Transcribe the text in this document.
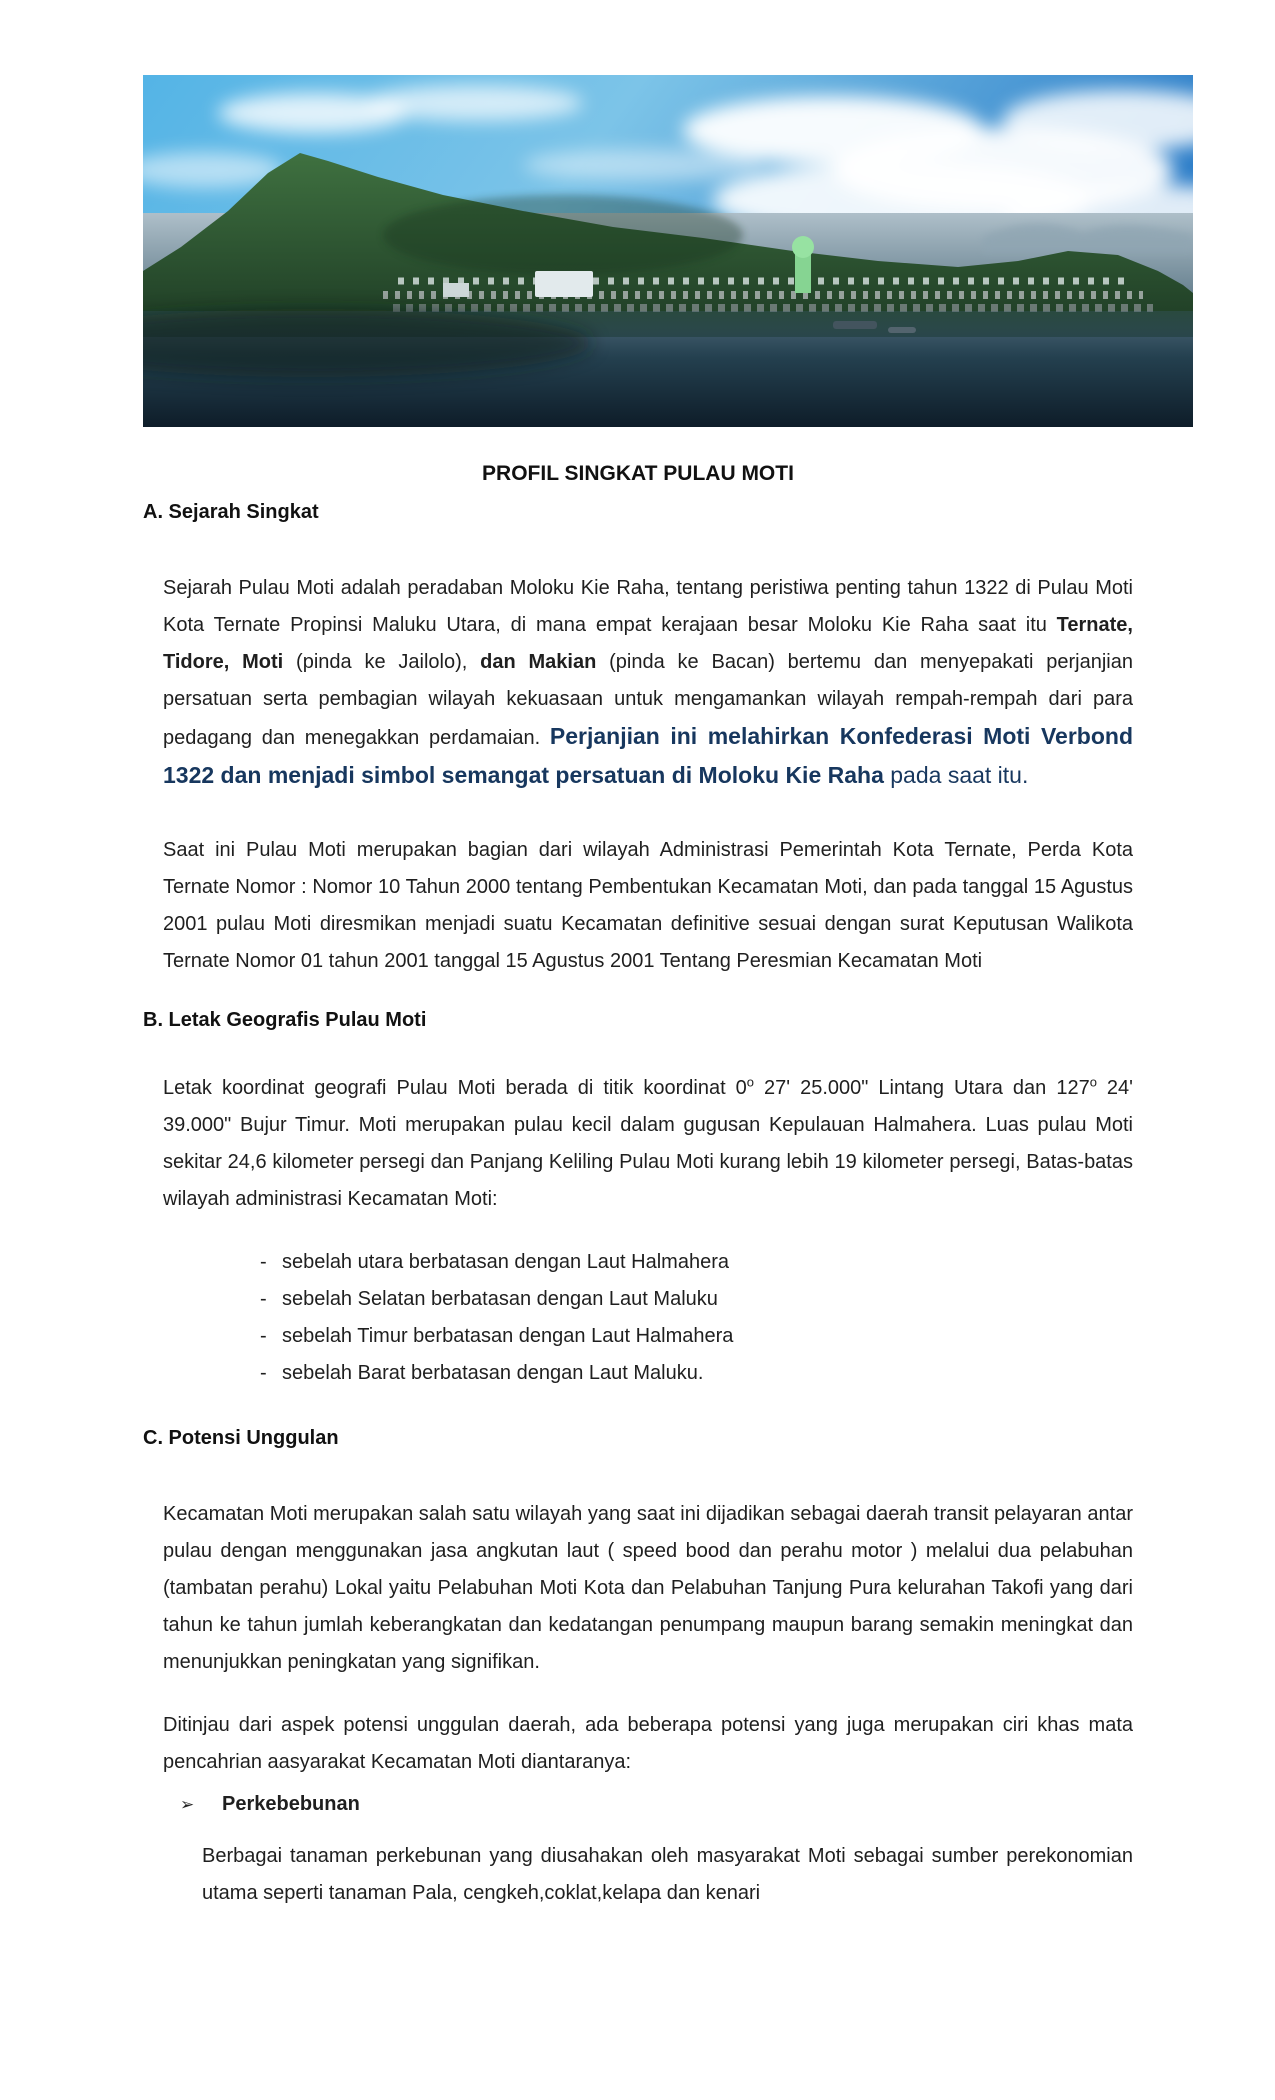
PROFIL SINGKAT PULAU MOTI
A. Sejarah Singkat

Sejarah Pulau Moti adalah peradaban Moloku Kie Raha, tentang peristiwa penting tahun 1322 di Pulau Moti Kota Ternate Propinsi Maluku Utara, di mana empat kerajaan besar Moloku Kie Raha saat itu Ternate, Tidore, Moti (pinda ke Jailolo), dan Makian (pinda ke Bacan) bertemu dan menyepakati perjanjian persatuan serta pembagian wilayah kekuasaan untuk mengamankan wilayah rempah-rempah dari para pedagang dan menegakkan perdamaian. Perjanjian ini melahirkan Konfederasi Moti Verbond 1322 dan menjadi simbol semangat persatuan di Moloku Kie Raha pada saat itu.

Saat ini Pulau Moti merupakan bagian dari wilayah Administrasi Pemerintah Kota Ternate, Perda Kota Ternate Nomor : Nomor 10 Tahun 2000 tentang Pembentukan Kecamatan Moti, dan pada tanggal 15 Agustus 2001 pulau Moti diresmikan menjadi suatu Kecamatan definitive sesuai dengan surat Keputusan Walikota Ternate Nomor 01 tahun 2001 tanggal 15 Agustus 2001 Tentang Peresmian Kecamatan Moti

B. Letak Geografis Pulau Moti

Letak koordinat geografi Pulau Moti berada di titik koordinat 0$^o$ 27' 25.000" Lintang Utara dan 127$^o$ 24' 39.000" Bujur Timur. Moti merupakan pulau kecil dalam gugusan Kepulauan Halmahera. Luas pulau Moti sekitar 24,6 kilometer persegi dan Panjang Keliling Pulau Moti kurang lebih 19 kilometer persegi, Batas-batas wilayah administrasi Kecamatan Moti:

- sebelah utara berbatasan dengan Laut Halmahera
- sebelah Selatan berbatasan dengan Laut Maluku
- sebelah Timur berbatasan dengan Laut Halmahera
- sebelah Barat berbatasan dengan Laut Maluku.
C. Potensi Unggulan

Kecamatan Moti merupakan salah satu wilayah yang saat ini dijadikan sebagai daerah transit pelayaran antar pulau dengan menggunakan jasa angkutan laut ( speed bood dan perahu motor ) melalui dua pelabuhan (tambatan perahu) Lokal yaitu Pelabuhan Moti Kota dan Pelabuhan Tanjung Pura kelurahan Takofi yang dari tahun ke tahun jumlah keberangkatan dan kedatangan penumpang maupun barang semakin meningkat dan menunjukkan peningkatan yang signifikan.

Ditinjau dari aspek potensi unggulan daerah, ada beberapa potensi yang juga merupakan ciri khas mata pencahrian aasyarakat Kecamatan Moti diantaranya:

➢	Perkebebunan

Berbagai tanaman perkebunan yang diusahakan oleh masyarakat Moti sebagai sumber perekonomian utama seperti tanaman Pala, cengkeh,coklat,kelapa dan kenari
